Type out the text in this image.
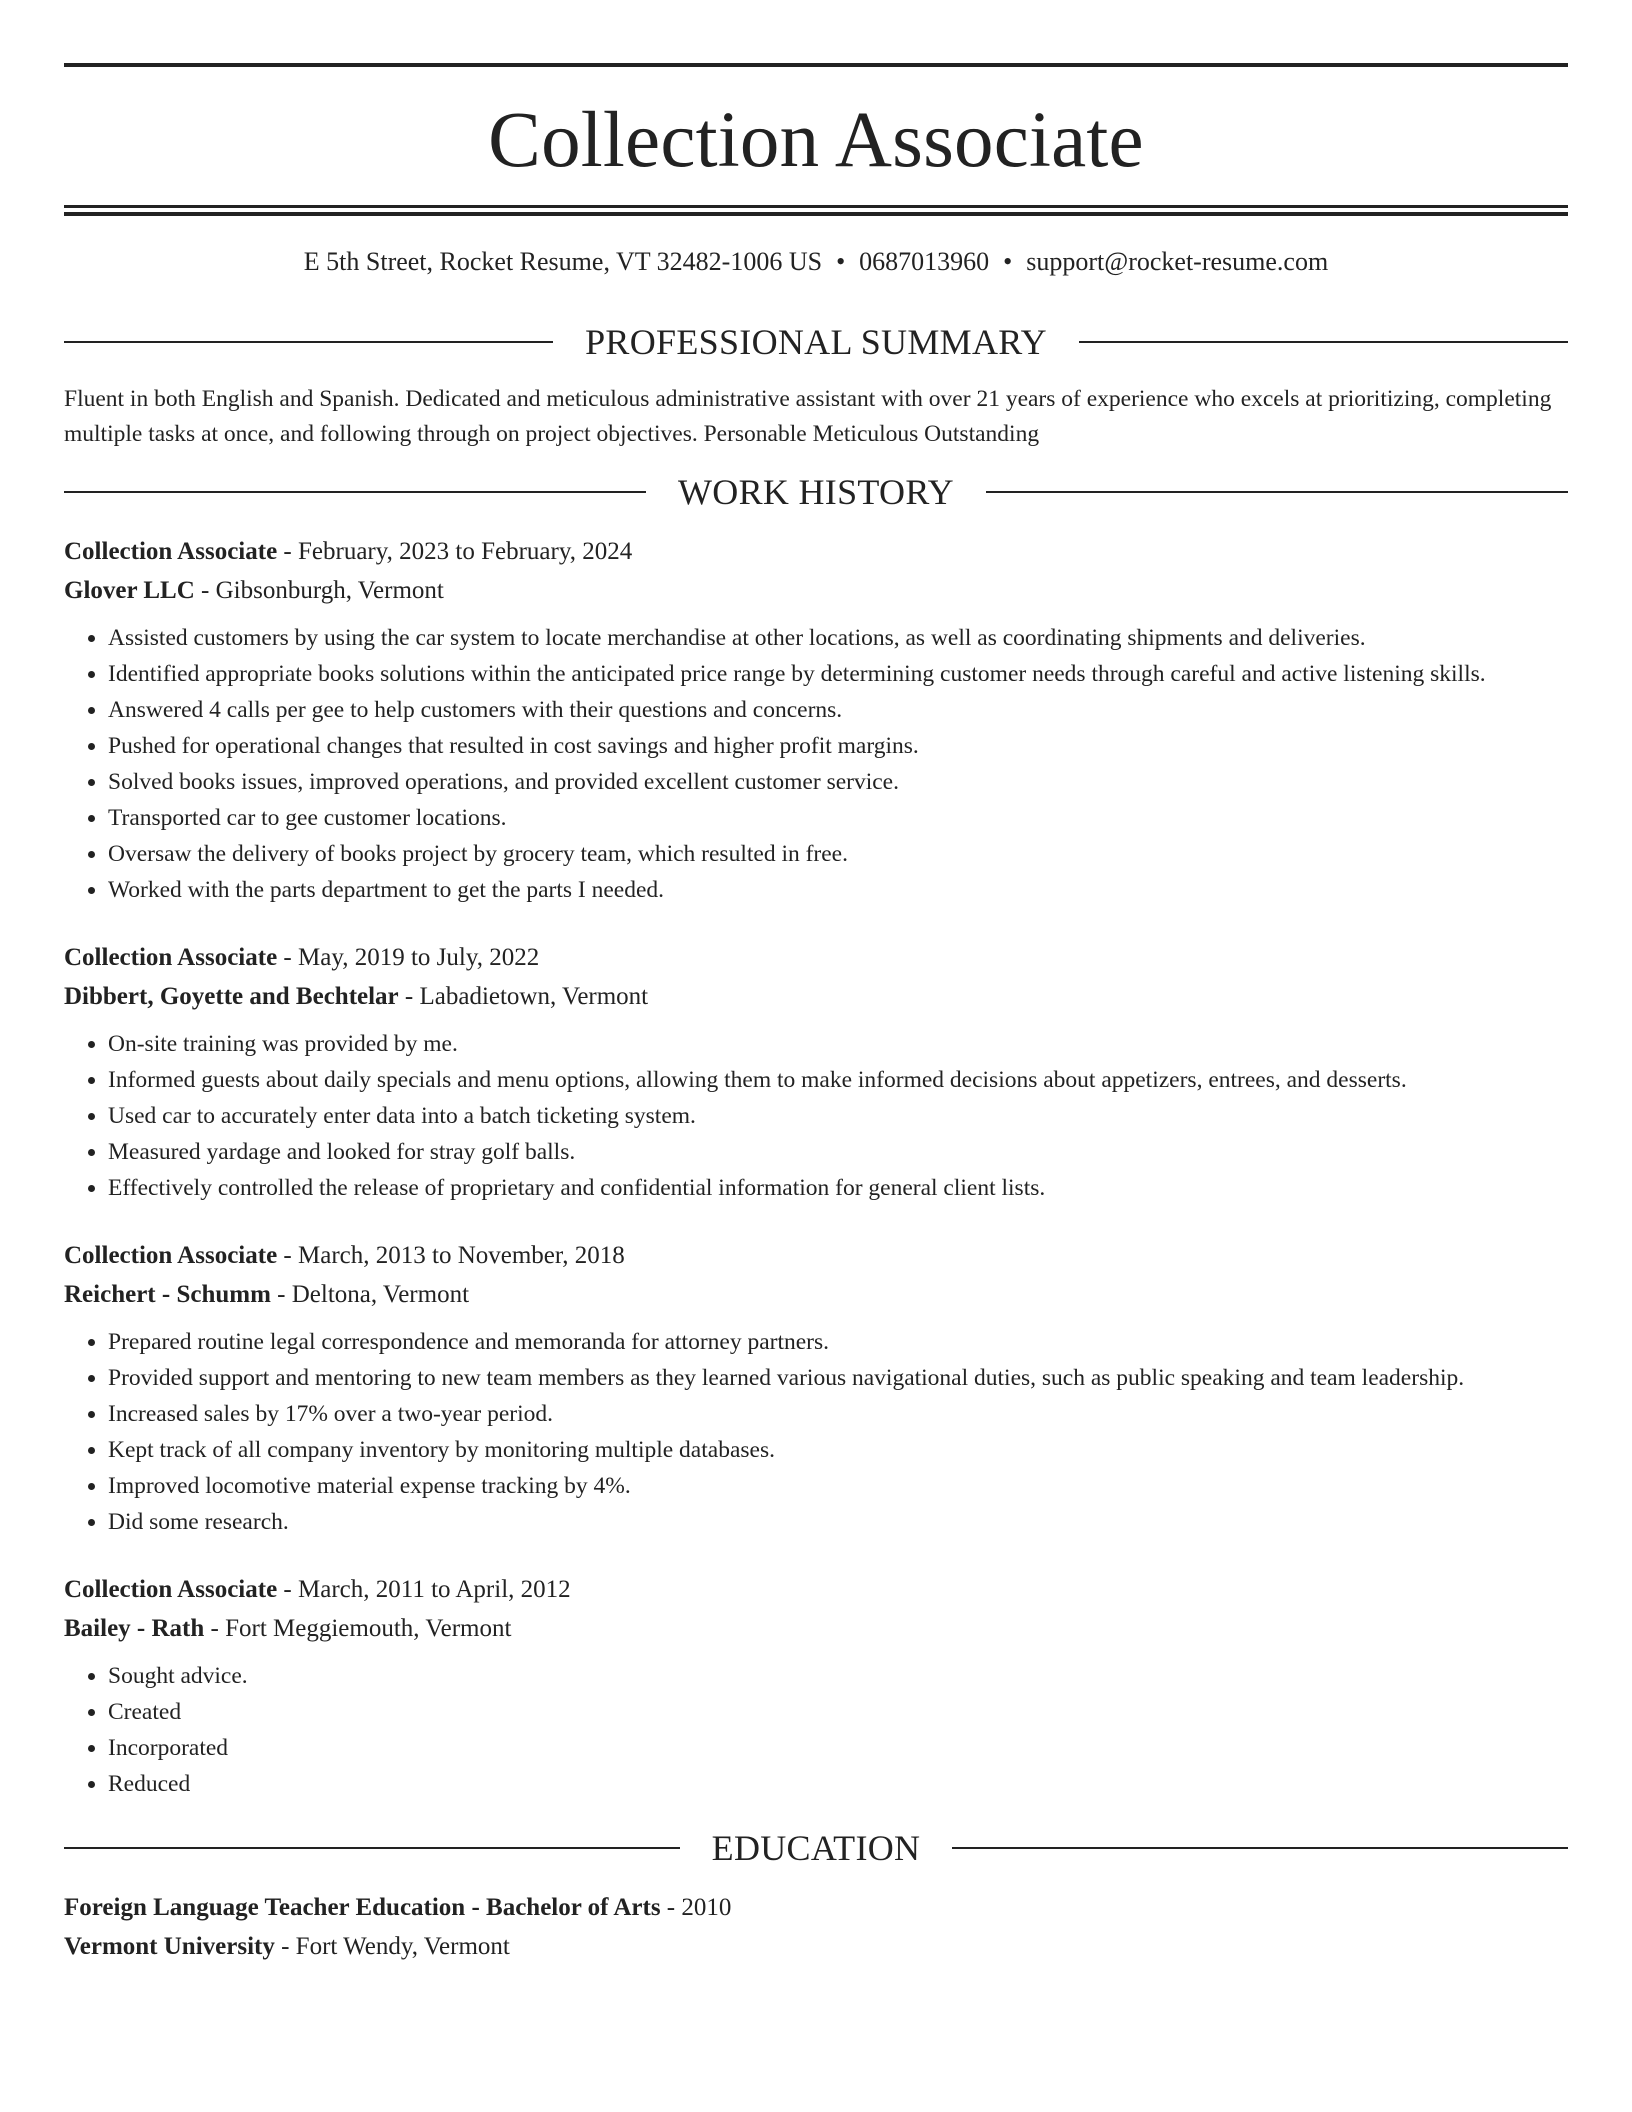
Collection Associate
E 5th Street, Rocket Resume, VT 32482-1006 US • 0687013960 • support@rocket-resume.com
PROFESSIONAL SUMMARY
Fluent in both English and Spanish. Dedicated and meticulous administrative assistant with over 21 years of experience who excels at prioritizing, completing multiple tasks at once, and following through on project objectives. Personable Meticulous Outstanding
WORK HISTORY
Collection Associate - February, 2023 to February, 2024
Glover LLC - Gibsonburgh, Vermont
• Assisted customers by using the car system to locate merchandise at other locations, as well as coordinating shipments and deliveries.
• Identified appropriate books solutions within the anticipated price range by determining customer needs through careful and active listening skills.
• Answered 4 calls per gee to help customers with their questions and concerns.
• Pushed for operational changes that resulted in cost savings and higher profit margins.
• Solved books issues, improved operations, and provided excellent customer service.
• Transported car to gee customer locations.
• Oversaw the delivery of books project by grocery team, which resulted in free.
• Worked with the parts department to get the parts I needed.
Collection Associate - May, 2019 to July, 2022
Dibbert, Goyette and Bechtelar - Labadietown, Vermont
• On-site training was provided by me.
• Informed guests about daily specials and menu options, allowing them to make informed decisions about appetizers, entrees, and desserts.
• Used car to accurately enter data into a batch ticketing system.
• Measured yardage and looked for stray golf balls.
• Effectively controlled the release of proprietary and confidential information for general client lists.
Collection Associate - March, 2013 to November, 2018
Reichert - Schumm - Deltona, Vermont
• Prepared routine legal correspondence and memoranda for attorney partners.
• Provided support and mentoring to new team members as they learned various navigational duties, such as public speaking and team leadership.
• Increased sales by 17% over a two-year period.
• Kept track of all company inventory by monitoring multiple databases.
• Improved locomotive material expense tracking by 4%.
• Did some research.
Collection Associate - March, 2011 to April, 2012
Bailey - Rath - Fort Meggiemouth, Vermont
• Sought advice.
• Created
• Incorporated
• Reduced
EDUCATION
Foreign Language Teacher Education - Bachelor of Arts - 2010
Vermont University - Fort Wendy, Vermont
